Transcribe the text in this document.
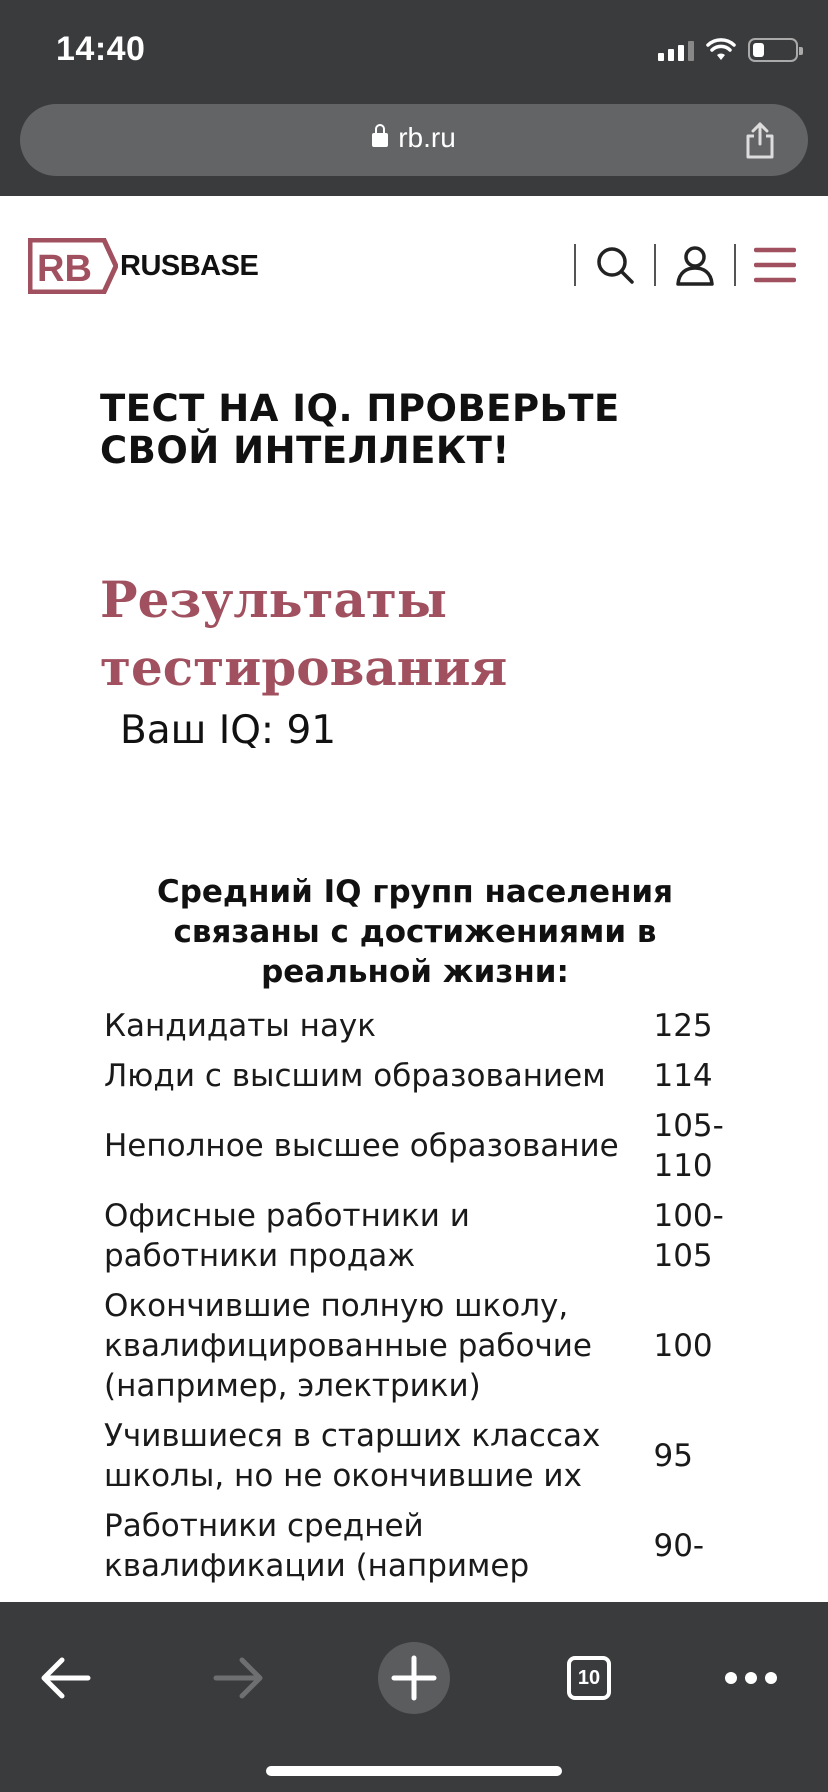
14:40
rb.ru
RB RUSBASE
ТЕСТ НА IQ. ПРОВЕРЬТЕ СВОЙ ИНТЕЛЛЕКТ!
Результаты тестирования
Ваш IQ: 91
Средний IQ групп населения связаны с достижениями в реальной жизни:
Кандидаты наук	125
Люди с высшим образованием	114
Неполное высшее образование	105-110
Офисные работники и работники продаж	100-105
Окончившие полную школу, квалифицированные рабочие (например, электрики)	100
Учившиеся в старших классах школы, но не окончившие их	95
Работники средней квалификации (например	90-
10
